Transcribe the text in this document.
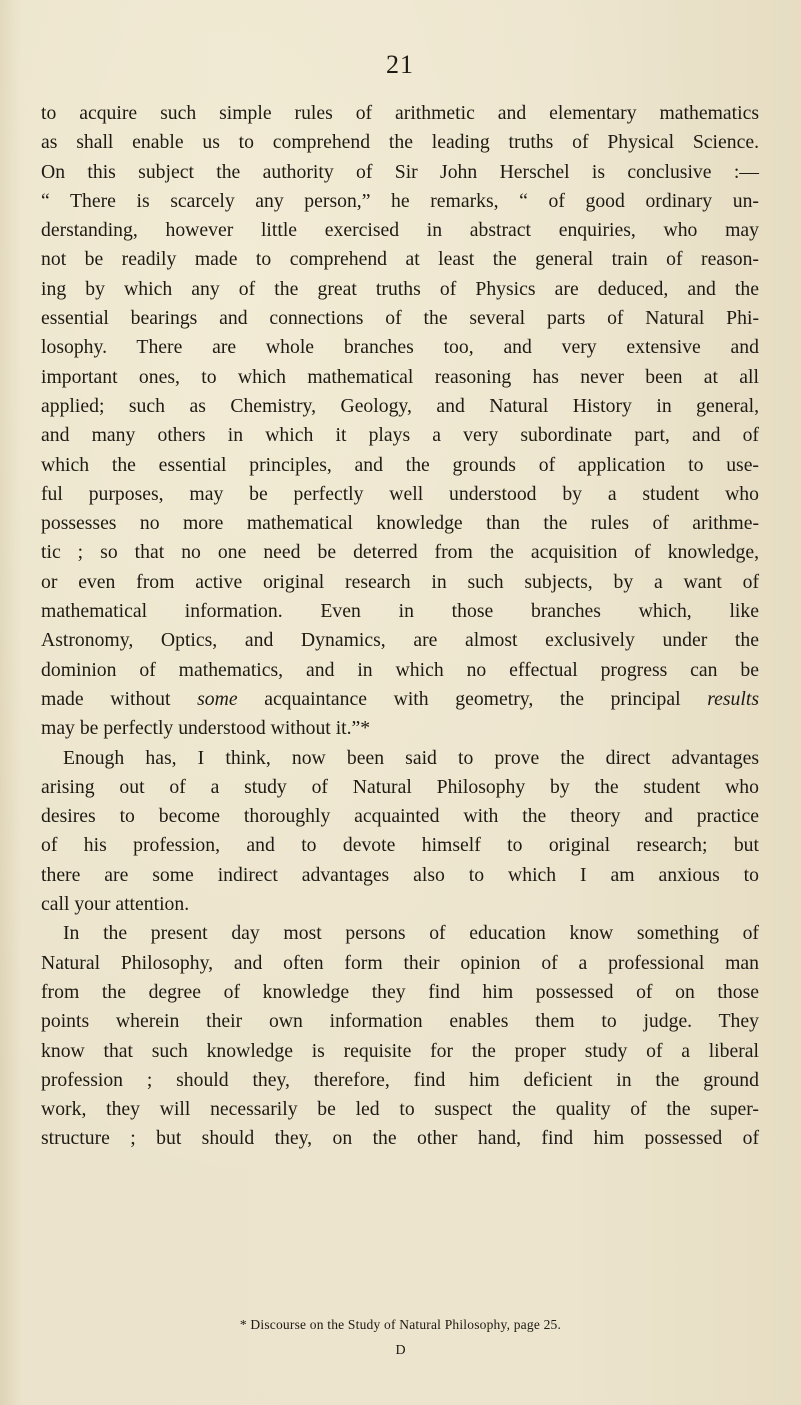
21
to acquire such simple rules of arithmetic and elementary mathematics
as shall enable us to comprehend the leading truths of Physical Science.
On this subject the authority of Sir John Herschel is conclusive :—
“ There is scarcely any person,” he remarks, “ of good ordinary un-
derstanding, however little exercised in abstract enquiries, who may
not be readily made to comprehend at least the general train of reason-
ing by which any of the great truths of Physics are deduced, and the
essential bearings and connections of the several parts of Natural Phi-
losophy. There are whole branches too, and very extensive and
important ones, to which mathematical reasoning has never been at all
applied; such as Chemistry, Geology, and Natural History in general,
and many others in which it plays a very subordinate part, and of
which the essential principles, and the grounds of application to use-
ful purposes, may be perfectly well understood by a student who
possesses no more mathematical knowledge than the rules of arithme-
tic ; so that no one need be deterred from the acquisition of knowledge,
or even from active original research in such subjects, by a want of
mathematical information. Even in those branches which, like
Astronomy, Optics, and Dynamics, are almost exclusively under the
dominion of mathematics, and in which no effectual progress can be
made without some acquaintance with geometry, the principal results
may be perfectly understood without it.”*
Enough has, I think, now been said to prove the direct advantages
arising out of a study of Natural Philosophy by the student who
desires to become thoroughly acquainted with the theory and practice
of his profession, and to devote himself to original research; but
there are some indirect advantages also to which I am anxious to
call your attention.
In the present day most persons of education know something of
Natural Philosophy, and often form their opinion of a professional man
from the degree of knowledge they find him possessed of on those
points wherein their own information enables them to judge. They
know that such knowledge is requisite for the proper study of a liberal
profession ; should they, therefore, find him deficient in the ground
work, they will necessarily be led to suspect the quality of the super-
structure ; but should they, on the other hand, find him possessed of
* Discourse on the Study of Natural Philosophy, page 25.
D
